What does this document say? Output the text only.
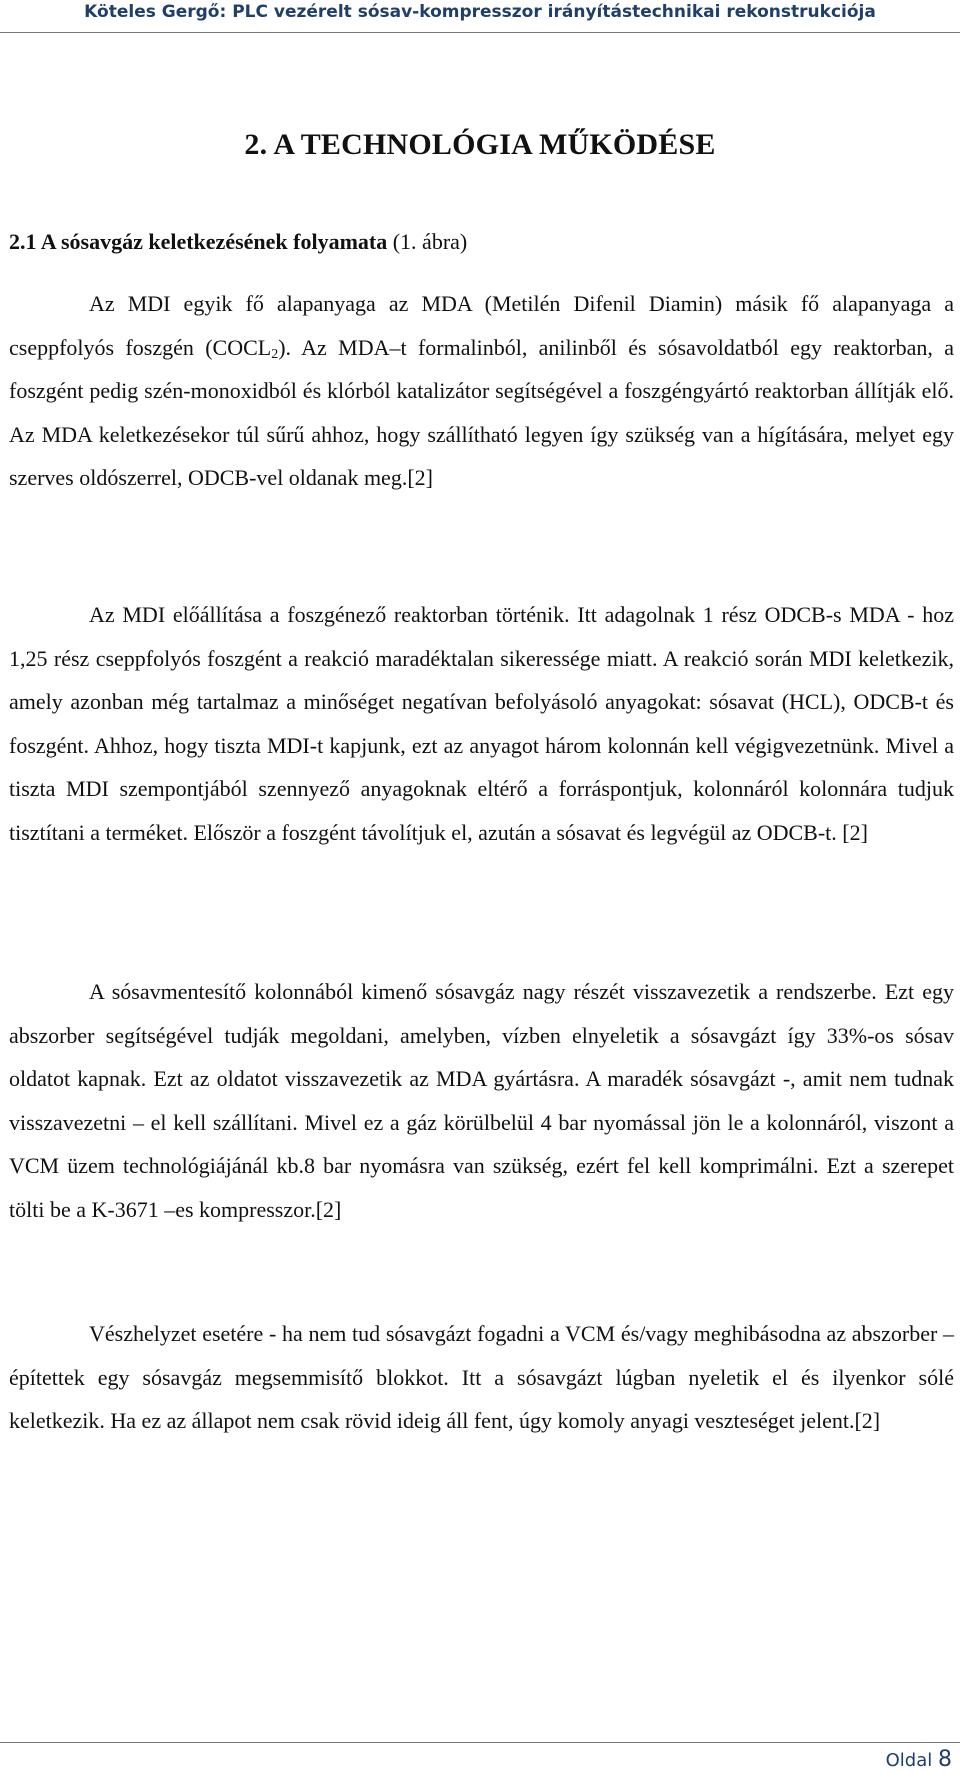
Köteles Gergő: PLC vezérelt sósav-kompresszor irányítástechnikai rekonstrukciója
2. A TECHNOLÓGIA MŰKÖDÉSE
2.1 A sósavgáz keletkezésének folyamata (1. ábra)

Az MDI egyik fő alapanyaga az MDA (Metilén Difenil Diamin) másik fő alapanyaga a cseppfolyós foszgén $(COCL_2)$. Az MDA–t formalinból, anilinből és sósavoldatból egy reaktorban, a foszgént pedig szén-monoxidból és klórból katalizátor segítségével a foszgéngyártó reaktorban állítják elő. Az MDA keletkezésekor túl sűrű ahhoz, hogy szállítható legyen így szükség van a hígítására, melyet egy szerves oldószerrel, ODCB-vel oldanak meg.[2]

Az MDI előállítása a foszgénező reaktorban történik. Itt adagolnak 1 rész ODCB-s MDA - hoz 1,25 rész cseppfolyós foszgént a reakció maradéktalan sikeressége miatt. A reakció során MDI keletkezik, amely azonban még tartalmaz a minőséget negatívan befolyásoló anyagokat: sósavat (HCL), ODCB-t és foszgént. Ahhoz, hogy tiszta MDI-t kapjunk, ezt az anyagot három kolonnán kell végigvezetnünk. Mivel a tiszta MDI szempontjából szennyező anyagoknak eltérő a forráspontjuk, kolonnáról kolonnára tudjuk tisztítani a terméket. Először a foszgént távolítjuk el, azután a sósavat és legvégül az ODCB-t. [2]

A sósavmentesítő kolonnából kimenő sósavgáz nagy részét visszavezetik a rendszerbe. Ezt egy abszorber segítségével tudják megoldani, amelyben, vízben elnyeletik a sósavgázt így 33%-os sósav oldatot kapnak. Ezt az oldatot visszavezetik az MDA gyártásra. A maradék sósavgázt -, amit nem tudnak visszavezetni – el kell szállítani. Mivel ez a gáz körülbelül 4 bar nyomással jön le a kolonnáról, viszont a VCM üzem technológiájánál kb.8 bar nyomásra van szükség, ezért fel kell komprimálni. Ezt a szerepet tölti be a K-3671 –es kompresszor.[2]

Vészhelyzet esetére - ha nem tud sósavgázt fogadni a VCM és/vagy meghibásodna az abszorber – építettek egy sósavgáz megsemmisítő blokkot. Itt a sósavgázt lúgban nyeletik el és ilyenkor sólé keletkezik. Ha ez az állapot nem csak rövid ideig áll fent, úgy komoly anyagi veszteséget jelent.[2]

Oldal 8
